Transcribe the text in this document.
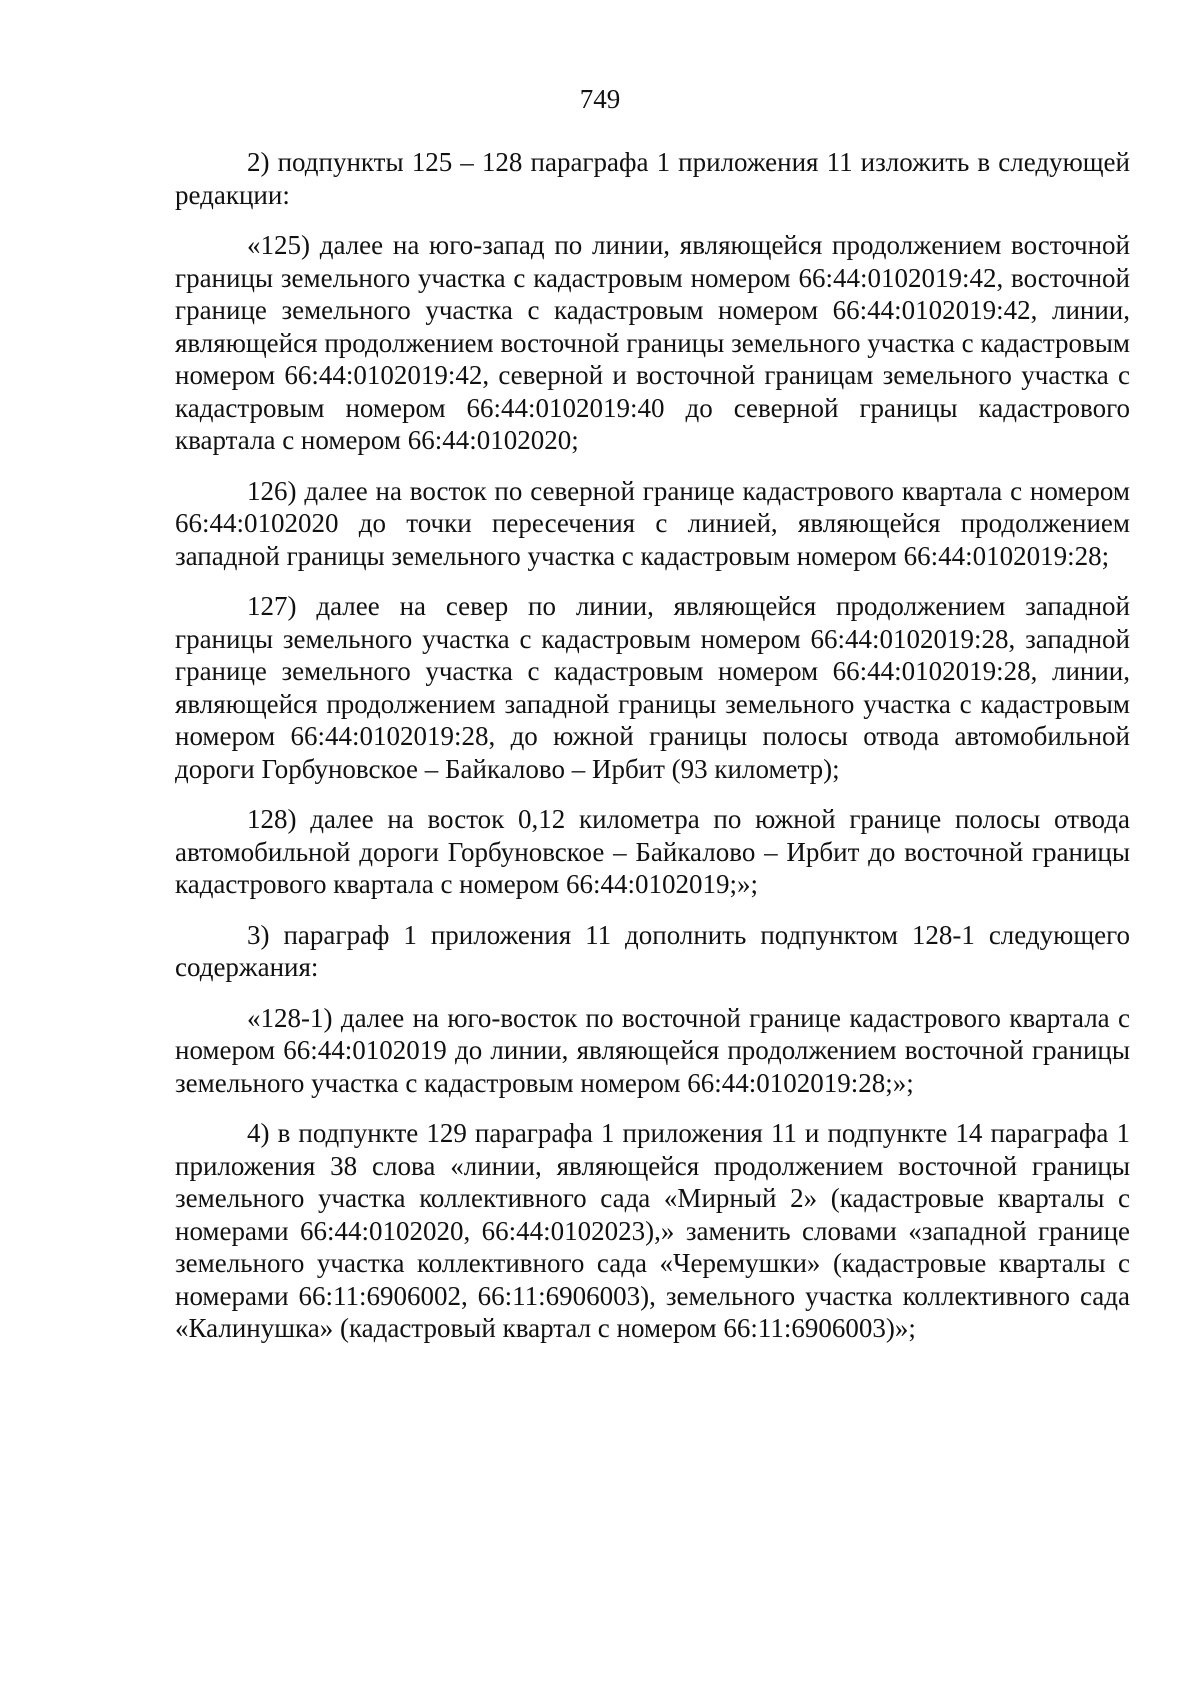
749

2) подпункты 125 – 128 параграфа 1 приложения 11 изложить в следующей редакции:

«125) далее на юго-запад по линии, являющейся продолжением восточной границы земельного участка с кадастровым номером 66:44:0102019:42, восточной границе земельного участка с кадастровым номером 66:44:0102019:42, линии, являющейся продолжением восточной границы земельного участка с кадастровым номером 66:44:0102019:42, северной и восточной границам земельного участка с кадастровым номером 66:44:0102019:40 до северной границы кадастрового квартала с номером 66:44:0102020;

126) далее на восток по северной границе кадастрового квартала с номером 66:44:0102020 до точки пересечения с линией, являющейся продолжением западной границы земельного участка с кадастровым номером 66:44:0102019:28;

127) далее на север по линии, являющейся продолжением западной границы земельного участка с кадастровым номером 66:44:0102019:28, западной границе земельного участка с кадастровым номером 66:44:0102019:28, линии, являющейся продолжением западной границы земельного участка с кадастровым номером 66:44:0102019:28, до южной границы полосы отвода автомобильной дороги Горбуновское – Байкалово – Ирбит (93 километр);

128) далее на восток 0,12 километра по южной границе полосы отвода автомобильной дороги Горбуновское – Байкалово – Ирбит до восточной границы кадастрового квартала с номером 66:44:0102019;»;

3) параграф 1 приложения 11 дополнить подпунктом 128-1 следующего содержания:

«128-1) далее на юго-восток по восточной границе кадастрового квартала с номером 66:44:0102019 до линии, являющейся продолжением восточной границы земельного участка с кадастровым номером 66:44:0102019:28;»;

4) в подпункте 129 параграфа 1 приложения 11 и подпункте 14 параграфа 1 приложения 38 слова «линии, являющейся продолжением восточной границы земельного участка коллективного сада «Мирный 2» (кадастровые кварталы с номерами 66:44:0102020, 66:44:0102023),» заменить словами «западной границе земельного участка коллективного сада «Черемушки» (кадастровые кварталы с номерами 66:11:6906002, 66:11:6906003), земельного участка коллективного сада «Калинушка» (кадастровый квартал с номером 66:11:6906003)»;
